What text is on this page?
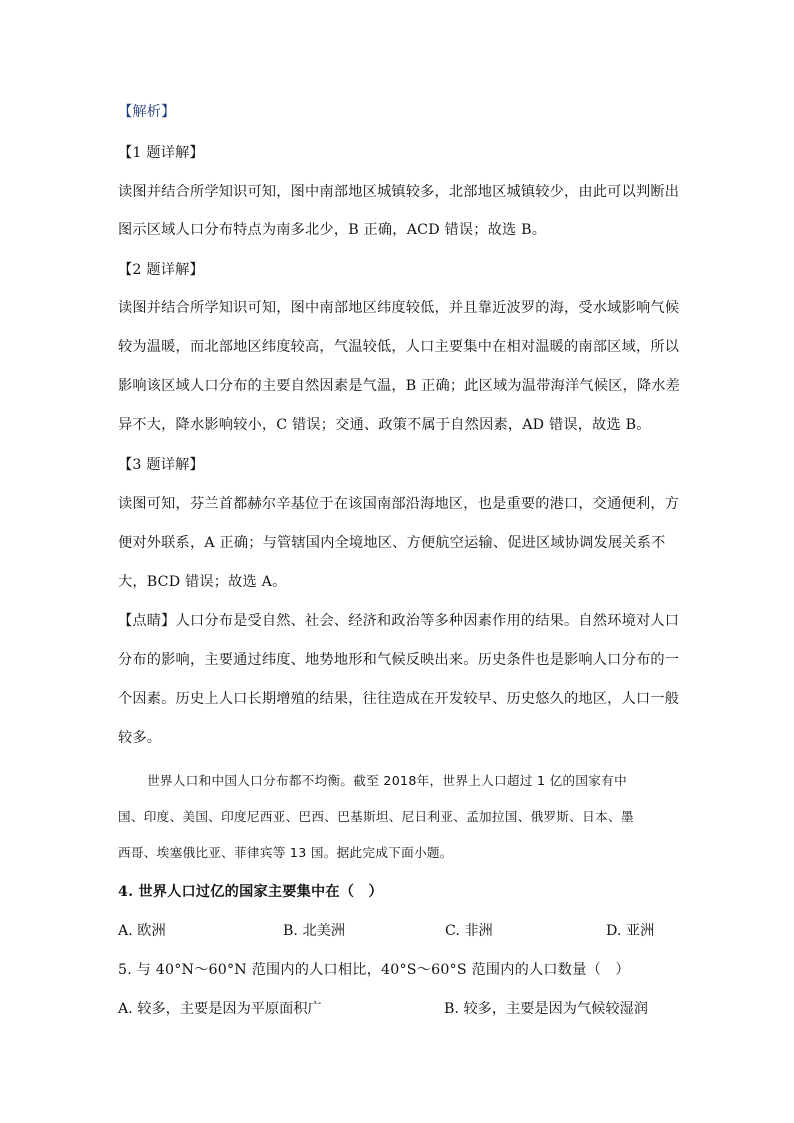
【解析】
【1 题详解】
读图并结合所学知识可知，图中南部地区城镇较多，北部地区城镇较少，由此可以判断出
图示区域人口分布特点为南多北少，B 正确，ACD 错误；故选 B。
【2 题详解】
读图并结合所学知识可知，图中南部地区纬度较低，并且靠近波罗的海，受水域影响气候
较为温暖，而北部地区纬度较高，气温较低，人口主要集中在相对温暖的南部区域，所以
影响该区域人口分布的主要自然因素是气温，B 正确；此区域为温带海洋气候区，降水差
异不大，降水影响较小，C 错误；交通、政策不属于自然因素，AD 错误，故选 B。
【3 题详解】
读图可知，芬兰首都赫尔辛基位于在该国南部沿海地区，也是重要的港口，交通便利，方
便对外联系，A 正确；与管辖国内全境地区、方便航空运输、促进区域协调发展关系不
大，BCD 错误；故选 A。
【点睛】人口分布是受自然、社会、经济和政治等多种因素作用的结果。自然环境对人口
分布的影响，主要通过纬度、地势地形和气候反映出来。历史条件也是影响人口分布的一
个因素。历史上人口长期增殖的结果，往往造成在开发较早、历史悠久的地区，人口一般
较多。
世界人口和中国人口分布都不均衡。截至 2018年，世界上人口超过 1 亿的国家有中
国、印度、美国、印度尼西亚、巴西、巴基斯坦、尼日利亚、孟加拉国、俄罗斯、日本、墨
西哥、埃塞俄比亚、菲律宾等 13 国。据此完成下面小题。
4. 世界人口过亿的国家主要集中在（　）
A. 欧洲	B. 北美洲	C. 非洲	D. 亚洲
5. 与 40°N～60°N 范围内的人口相比，40°S～60°S 范围内的人口数量（　）
A. 较多，主要是因为平原面积广	B. 较多，主要是因为气候较湿润
